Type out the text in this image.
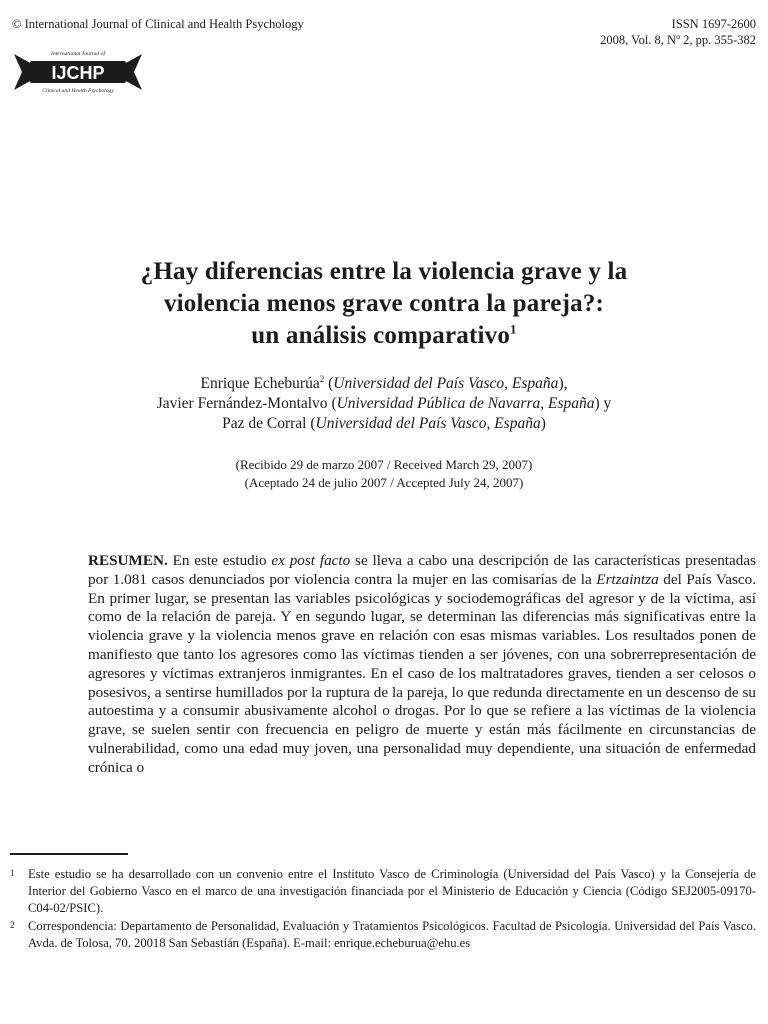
© International Journal of Clinical and Health Psychology	ISSN 1697-2600
2008, Vol. 8, Nº 2, pp. 355-382
International Journal of
IJCHP
Clinical and Health Psychology
¿Hay diferencias entre la violencia grave y la
violencia menos grave contra la pareja?:
un análisis comparativo$^1$
Enrique Echeburúa$^2$ (Universidad del País Vasco, España),
Javier Fernández-Montalvo (Universidad Pública de Navarra, España) y
Paz de Corral (Universidad del País Vasco, España)
(Recibido 29 de marzo 2007 / Received March 29, 2007)
(Aceptado 24 de julio 2007 / Accepted July 24, 2007)
RESUMEN. En este estudio ex post facto se lleva a cabo una descripción de las características presentadas por 1.081 casos denunciados por violencia contra la mujer en las comisarías de la Ertzaintza del País Vasco. En primer lugar, se presentan las variables psicológicas y sociodemográficas del agresor y de la víctima, así como de la relación de pareja. Y en segundo lugar, se determinan las diferencias más significativas entre la violencia grave y la violencia menos grave en relación con esas mismas variables. Los resultados ponen de manifiesto que tanto los agresores como las víctimas tienden a ser jóvenes, con una sobrerrepresentación de agresores y víctimas extranjeros inmigrantes. En el caso de los maltratadores graves, tienden a ser celosos o posesivos, a sentirse humillados por la ruptura de la pareja, lo que redunda directamente en un descenso de su autoestima y a consumir abusivamente alcohol o drogas. Por lo que se refiere a las víctimas de la violencia grave, se suelen sentir con frecuencia en peligro de muerte y están más fácilmente en circunstancias de vulnerabilidad, como una edad muy joven, una personalidad muy dependiente, una situación de enfermedad crónica o
1 Este estudio se ha desarrollado con un convenio entre el Instituto Vasco de Criminología (Universidad del País Vasco) y la Consejería de Interior del Gobierno Vasco en el marco de una investigación financiada por el Ministerio de Educación y Ciencia (Código SEJ2005-09170-C04-02/PSIC).
2 Correspondencia: Departamento de Personalidad, Evaluación y Tratamientos Psicológicos. Facultad de Psicología. Universidad del País Vasco. Avda. de Tolosa, 70. 20018 San Sebastián (España). E-mail: enrique.echeburua@ehu.es
